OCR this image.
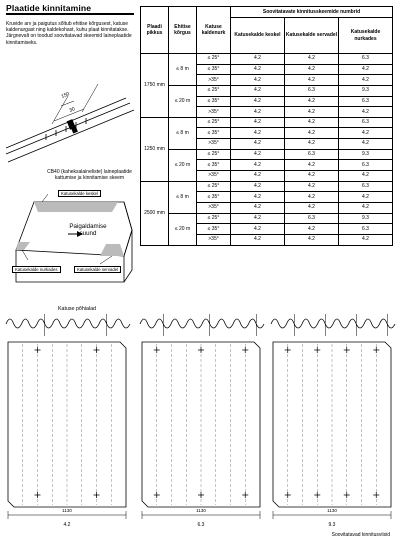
Plaatide kinnitamine
Kruvide arv ja paigutus sõltub ehitise kõrgusest, katuse kaldenurgast ning kaldekohast, kuhu plaat kinnitatakse. Järgnevalt on toodud soovitatavad skeemid laineplaatide kinnitamiseks.
150
30
CB40 (kaheksalaineliste) laineplaatide kattumise ja kinnitamise skeem
Katusekalde keskel
Paigaldamise suund
Katusekalde nurkades	Katusekalde servadel
Katuse põhialad
Plaadi pikkus	Ehitise kõrgus	Katuse kaldenurk	Soovitatavate kinnitusskeemide numbrid		
			Katusekalde keskel	Katusekalde servadel	Katusekalde nurkades
1750 mm	≤ 8 m	≤ 25°	4.2	4.2	6.3
		≤ 35°	4.2	4.2	4.2
		>35°	4.2	4.2	4.2
	≤ 20 m	≤ 25°	4.2	6.3	9.3
		≤ 35°	4.2	4.2	6.3
		>35°	4.2	4.2	4.2
1250 mm	≤ 8 m	≤ 25°	4.2	4.2	6.3
		≤ 35°	4.2	4.2	4.2
		>35°	4.2	4.2	4.2
	≤ 20 m	≤ 25°	4.2	6.3	9.3
		≤ 35°	4.2	4.2	6.3
		>35°	4.2	4.2	4.2
2500 mm	≤ 8 m	≤ 25°	4.2	4.2	6.3
		≤ 35°	4.2	4.2	4.2
		>35°	4.2	4.2	4.2
	≤ 20 m	≤ 25°	4.2	6.3	9.3
		≤ 35°	4.2	4.2	6.3
		>35°	4.2	4.2	4.2
1130
4.2
1130
6.3
1130
9.3
Soovitatavad kinnitusviisid
